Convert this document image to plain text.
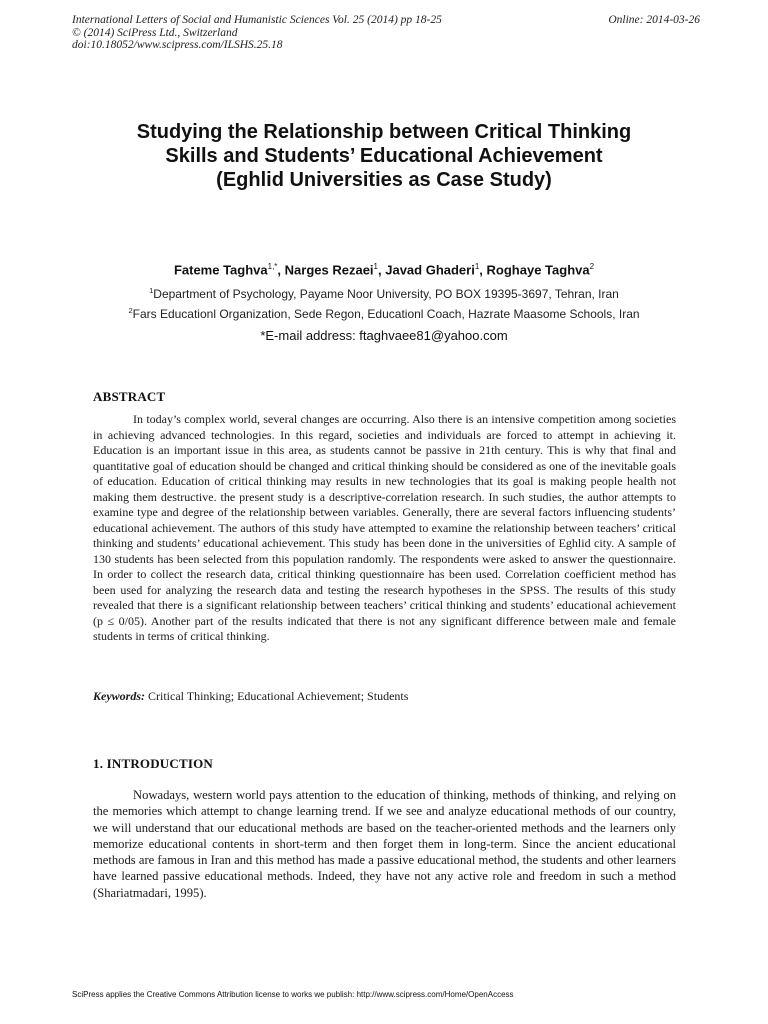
International Letters of Social and Humanistic Sciences Vol. 25 (2014) pp 18-25	Online: 2014-03-26
© (2014) SciPress Ltd., Switzerland
doi:10.18052/www.scipress.com/ILSHS.25.18
Studying the Relationship between Critical Thinking
Skills and Students’ Educational Achievement
(Eghlid Universities as Case Study)
Fateme Taghva$^{1,*}$, Narges Rezaei$^1$, Javad Ghaderi$^1$, Roghaye Taghva$^2$
$^1$Department of Psychology, Payame Noor University, PO BOX 19395-3697, Tehran, Iran
$^2$Fars Educationl Organization, Sede Regon, Educationl Coach, Hazrate Maasome Schools, Iran
*E-mail address: ftaghvaee81@yahoo.com
ABSTRACT
In today’s complex world, several changes are occurring. Also there is an intensive competition among societies in achieving advanced technologies. In this regard, societies and individuals are forced to attempt in achieving it. Education is an important issue in this area, as students cannot be passive in 21th century. This is why that final and quantitative goal of education should be changed and critical thinking should be considered as one of the inevitable goals of education. Education of critical thinking may results in new technologies that its goal is making people health not making them destructive. the present study is a descriptive-correlation research. In such studies, the author attempts to examine type and degree of the relationship between variables. Generally, there are several factors influencing students’ educational achievement. The authors of this study have attempted to examine the relationship between teachers’ critical thinking and students’ educational achievement. This study has been done in the universities of Eghlid city. A sample of 130 students has been selected from this population randomly. The respondents were asked to answer the questionnaire. In order to collect the research data, critical thinking questionnaire has been used. Correlation coefficient method has been used for analyzing the research data and testing the research hypotheses in the SPSS. The results of this study revealed that there is a significant relationship between teachers’ critical thinking and students’ educational achievement (p ≤ 0/05). Another part of the results indicated that there is not any significant difference between male and female students in terms of critical thinking.
Keywords: Critical Thinking; Educational Achievement; Students
1. INTRODUCTION
Nowadays, western world pays attention to the education of thinking, methods of thinking, and relying on the memories which attempt to change learning trend. If we see and analyze educational methods of our country, we will understand that our educational methods are based on the teacher-oriented methods and the learners only memorize educational contents in short-term and then forget them in long-term. Since the ancient educational methods are famous in Iran and this method has made a passive educational method, the students and other learners have learned passive educational methods. Indeed, they have not any active role and freedom in such a method (Shariatmadari, 1995).
SciPress applies the Creative Commons Attribution license to works we publish: http://www.scipress.com/Home/OpenAccess
